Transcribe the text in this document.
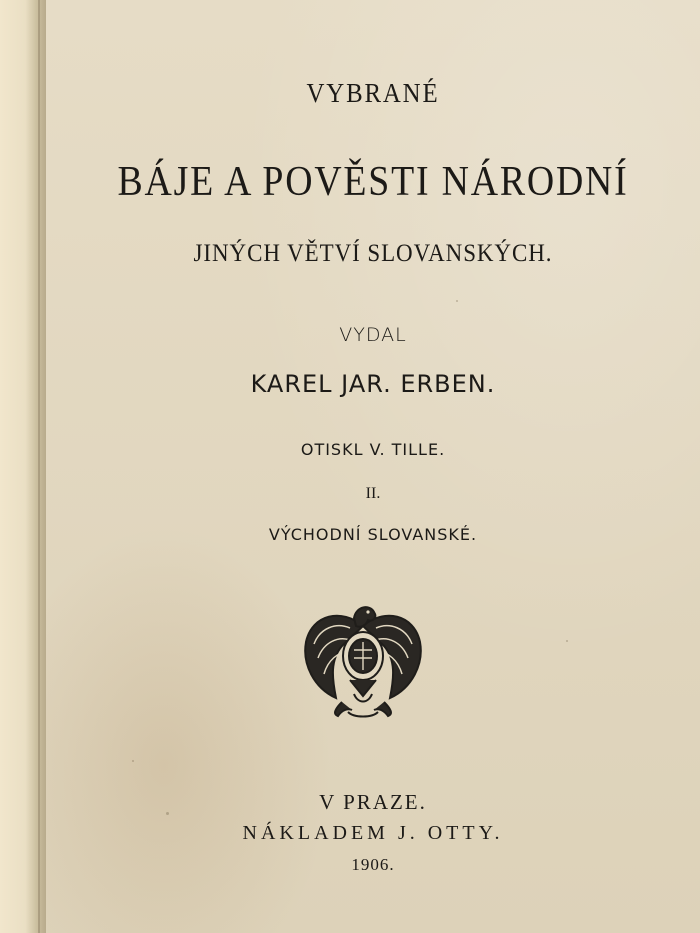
VYBRANÉ
BÁJE A POVĚSTI NÁRODNÍ
JINÝCH VĚTVÍ SLOVANSKÝCH.
VYDAL
KAREL JAR. ERBEN.
OTISKL V. TILLE.
II.
VÝCHODNÍ SLOVANSKÉ.
V PRAZE.
NÁKLADEM J. OTTY.
1906.
